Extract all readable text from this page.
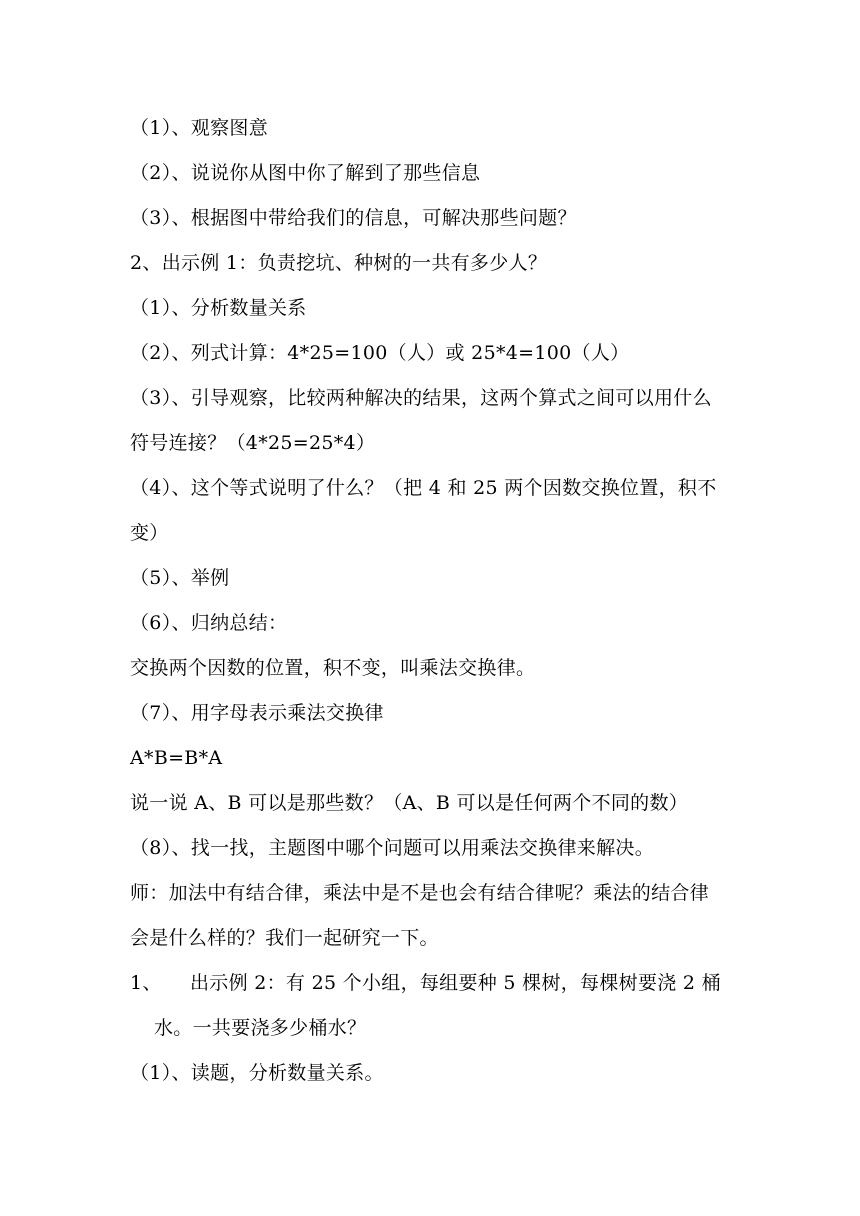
（1）、观察图意
（2）、说说你从图中你了解到了那些信息
（3）、根据图中带给我们的信息，可解决那些问题？
2、出示例 1：负责挖坑、种树的一共有多少人？
（1）、分析数量关系
（2）、列式计算：4*25=100（人）或 25*4=100（人）
（3）、引导观察，比较两种解决的结果，这两个算式之间可以用什么
符号连接？（4*25=25*4）
（4）、这个等式说明了什么？（把 4 和 25 两个因数交换位置，积不
变）
（5）、举例
（6）、归纳总结：
交换两个因数的位置，积不变，叫乘法交换律。
（7）、用字母表示乘法交换律
A*B=B*A
说一说 A、B 可以是那些数？（A、B 可以是任何两个不同的数）
（8）、找一找，主题图中哪个问题可以用乘法交换律来解决。
师：加法中有结合律，乘法中是不是也会有结合律呢？乘法的结合律
会是什么样的？我们一起研究一下。
1、 出示例 2：有 25 个小组，每组要种 5 棵树，每棵树要浇 2 桶
水。一共要浇多少桶水？
（1）、读题，分析数量关系。
